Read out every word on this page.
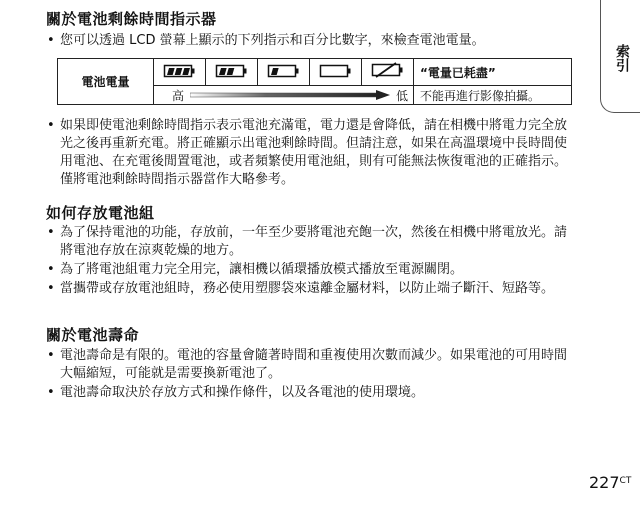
索引
關於電池剩餘時間指示器
• 您可以透過 LCD 螢幕上顯示的下列指示和百分比數字，來檢查電池電量。
電池電量						“電量已耗盡”

	高 低					不能再進行影像拍攝。
• 如果即使電池剩餘時間指示表示電池充滿電，電力還是會降低，請在相機中將電力完全放光之後再重新充電。將正確顯示出電池剩餘時間。但請注意，如果在高溫環境中長時間使用電池、在充電後閒置電池，或者頻繁使用電池組，則有可能無法恢復電池的正確指示。僅將電池剩餘時間指示器當作大略參考。
如何存放電池組
• 為了保持電池的功能，存放前，一年至少要將電池充飽一次，然後在相機中將電放光。請將電池存放在涼爽乾燥的地方。
• 為了將電池組電力完全用完，讓相機以循環播放模式播放至電源關閉。
• 當攜帶或存放電池組時，務必使用塑膠袋來遠離金屬材料，以防止端子斷汗、短路等。
關於電池壽命
• 電池壽命是有限的。電池的容量會隨著時間和重複使用次數而減少。如果電池的可用時間大幅縮短，可能就是需要換新電池了。
• 電池壽命取決於存放方式和操作條件，以及各電池的使用環境。
$227^{CT}$
